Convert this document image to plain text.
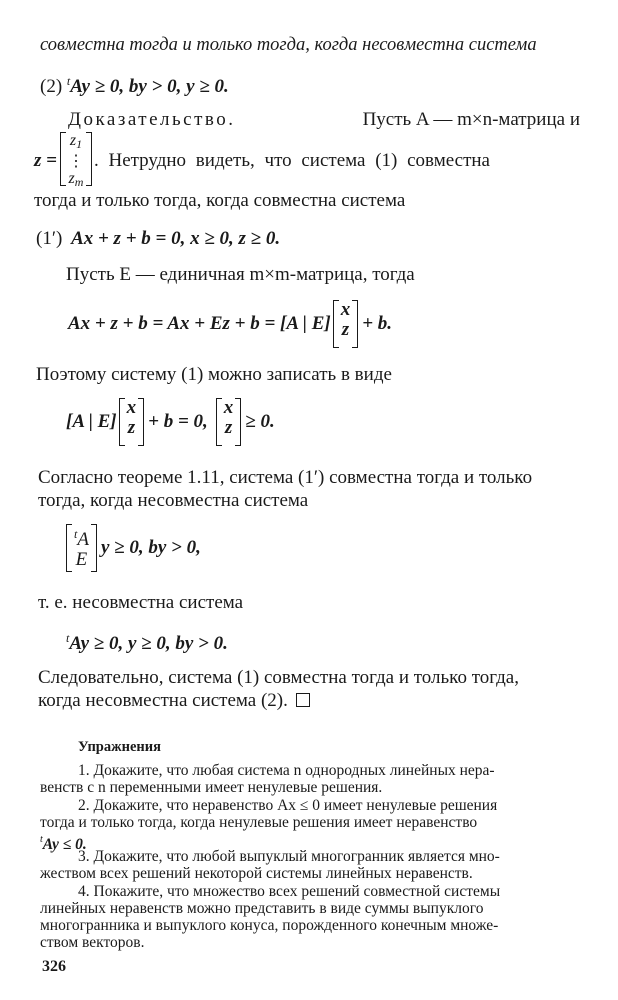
совместна тогда и только тогда, когда несовместна система
(2) $^t$Ay ≥ 0, by > 0, y ≥ 0.
Доказательство.	Пусть A — m×n-матрица и
z =
z1
⋮
zm
. Нетрудно видеть, что система (1) совместна
тогда и только тогда, когда совместна система
(1′) Ax + z + b = 0, x ≥ 0, z ≥ 0.
Пусть E — единичная m×m-матрица, тогда
Ax + z + b = Ax + Ez + b = [A | E]
x
z + b.
Поэтому систему (1) можно записать в виде
[A | E]
x
z + b = 0,
x
z ≥ 0.
Согласно теореме 1.11, система (1′) совместна тогда и только
тогда, когда несовместна система
$^t$A
E
y ≥ 0, by > 0,
т. е. несовместна система
$^t$Ay ≥ 0, y ≥ 0, by > 0.
Следовательно, система (1) совместна тогда и только тогда,
когда несовместна система (2).
Упражнения
1. Докажите, что любая система n однородных линейных нера-
венств с n переменными имеет ненулевые решения.
2. Докажите, что неравенство Ax ≤ 0 имеет ненулевые решения
тогда и только тогда, когда ненулевые решения имеет неравенство
$^t$Ay ≤ 0.
3. Докажите, что любой выпуклый многогранник является мно-
жеством всех решений некоторой системы линейных неравенств.
4. Покажите, что множество всех решений совместной системы
линейных неравенств можно представить в виде суммы выпуклого
многогранника и выпуклого конуса, порожденного конечным множе-
ством векторов.
326
